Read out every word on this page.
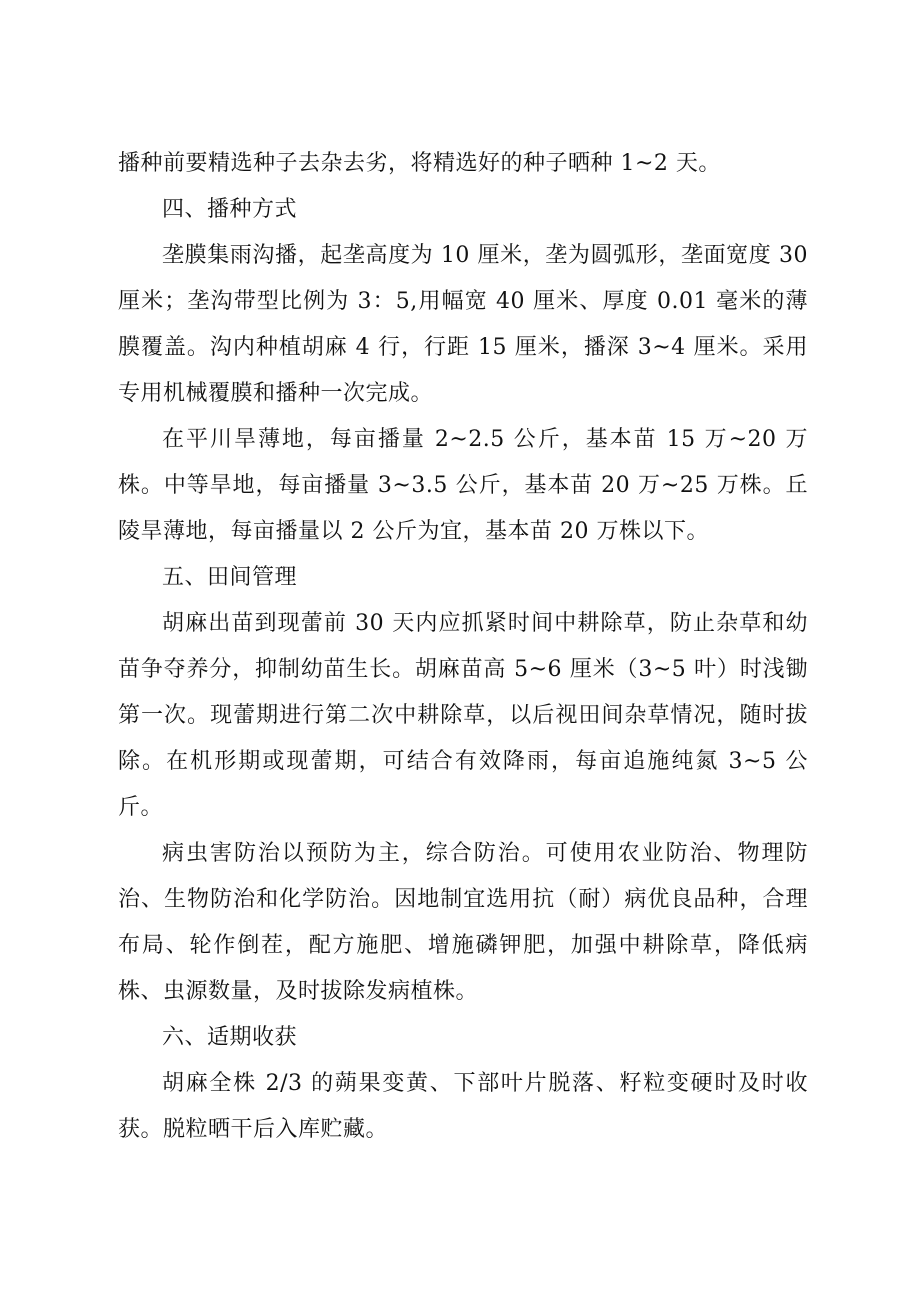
播种前要精选种子去杂去劣，将精选好的种子晒种 1~2 天。

四、播种方式

垄膜集雨沟播，起垄高度为 10 厘米，垄为圆弧形，垄面宽度 30 厘米；垄沟带型比例为 3：5,用幅宽 40 厘米、厚度 0.01 毫米的薄膜覆盖。沟内种植胡麻 4 行，行距 15 厘米，播深 3~4 厘米。采用专用机械覆膜和播种一次完成。

在平川旱薄地，每亩播量 2~2.5 公斤，基本苗 15 万~20 万株。中等旱地，每亩播量 3~3.5 公斤，基本苗 20 万~25 万株。丘陵旱薄地，每亩播量以 2 公斤为宜，基本苗 20 万株以下。

五、田间管理

胡麻出苗到现蕾前 30 天内应抓紧时间中耕除草，防止杂草和幼苗争夺养分，抑制幼苗生长。胡麻苗高 5~6 厘米（3~5 叶）时浅锄第一次。现蕾期进行第二次中耕除草，以后视田间杂草情况，随时拔除。在机形期或现蕾期，可结合有效降雨，每亩追施纯氮 3~5 公斤。

病虫害防治以预防为主，综合防治。可使用农业防治、物理防治、生物防治和化学防治。因地制宜选用抗（耐）病优良品种，合理布局、轮作倒茬，配方施肥、增施磷钾肥，加强中耕除草，降低病株、虫源数量，及时拔除发病植株。

六、适期收获

胡麻全株 2/3 的蒴果变黄、下部叶片脱落、籽粒变硬时及时收获。脱粒晒干后入库贮藏。
